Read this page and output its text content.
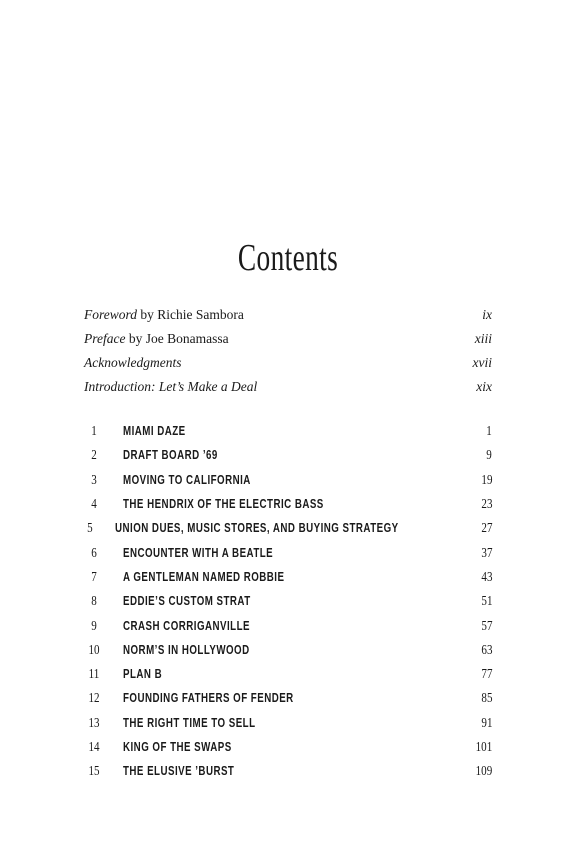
Contents
Foreword by Richie Sambora	ix
Preface by Joe Bonamassa	xiii
Acknowledgments	xvii
Introduction: Let’s Make a Deal	xix
1	MIAMI DAZE	1
2	DRAFT BOARD ’69	9
3	MOVING TO CALIFORNIA	19
4	THE HENDRIX OF THE ELECTRIC BASS	23
5 UNION DUES, MUSIC STORES, AND BUYING STRATEGY	27
6	ENCOUNTER WITH A BEATLE	37
7	A GENTLEMAN NAMED ROBBIE	43
8	EDDIE’S CUSTOM STRAT	51
9	CRASH CORRIGANVILLE	57
10 NORM’S IN HOLLYWOOD	63
11 PLAN B	77
12 FOUNDING FATHERS OF FENDER	85
13 THE RIGHT TIME TO SELL	91
14 KING OF THE SWAPS	101
15 THE ELUSIVE ’BURST	109
